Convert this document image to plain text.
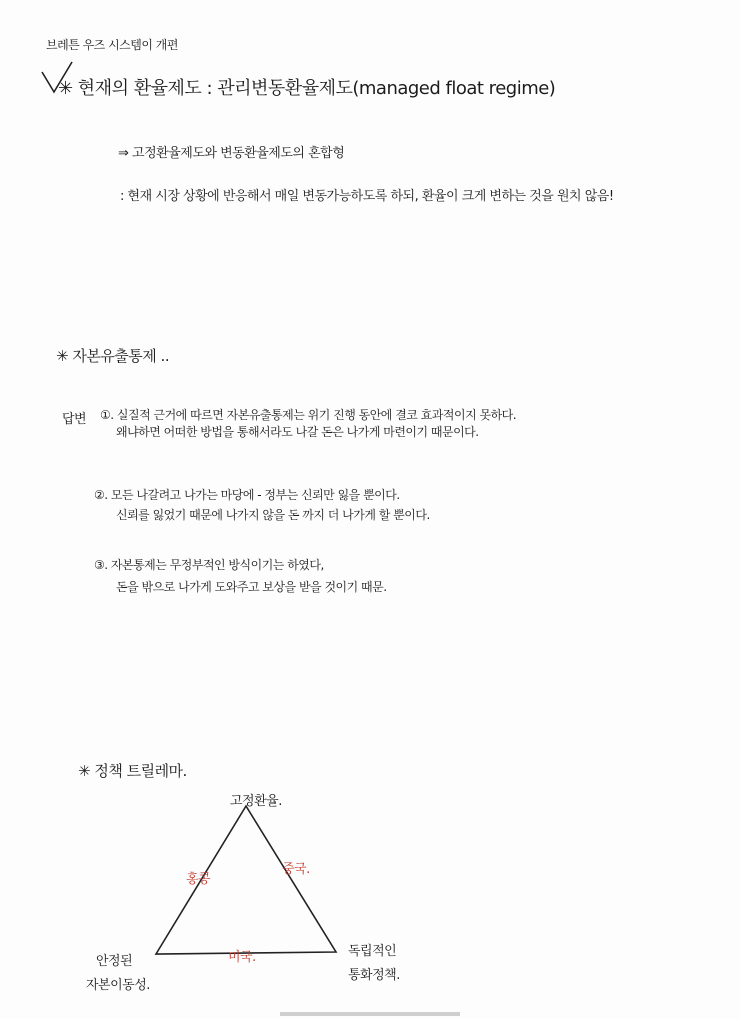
브레튼 우즈 시스템이 개편
✳ 현재의 환율제도 : 관리변동환율제도(managed float regime)
⇒ 고정환율제도와 변동환율제도의 혼합형
: 현재 시장 상황에 반응해서 매일 변동가능하도록 하되, 환율이 크게 변하는 것을 원치 않음!
✳ 자본유출통제 ..
답변 ①. 실질적 근거에 따르면 자본유출통제는 위기 진행 동안에 결코 효과적이지 못하다.
왜냐하면 어떠한 방법을 통해서라도 나갈 돈은 나가게 마련이기 때문이다.
②. 모든 나갈려고 나가는 마당에 - 정부는 신뢰만 잃을 뿐이다.
신뢰를 잃었기 때문에 나가지 않을 돈 까지 더 나가게 할 뿐이다.
③. 자본통제는 무정부적인 방식이기는 하였다,
돈을 밖으로 나가게 도와주고 보상을 받을 것이기 때문.
✳ 정책 트릴레마.
고정환율.
안정된
자본이동성.
독립적인
통화정책.
홍콩
중국.
미국.
